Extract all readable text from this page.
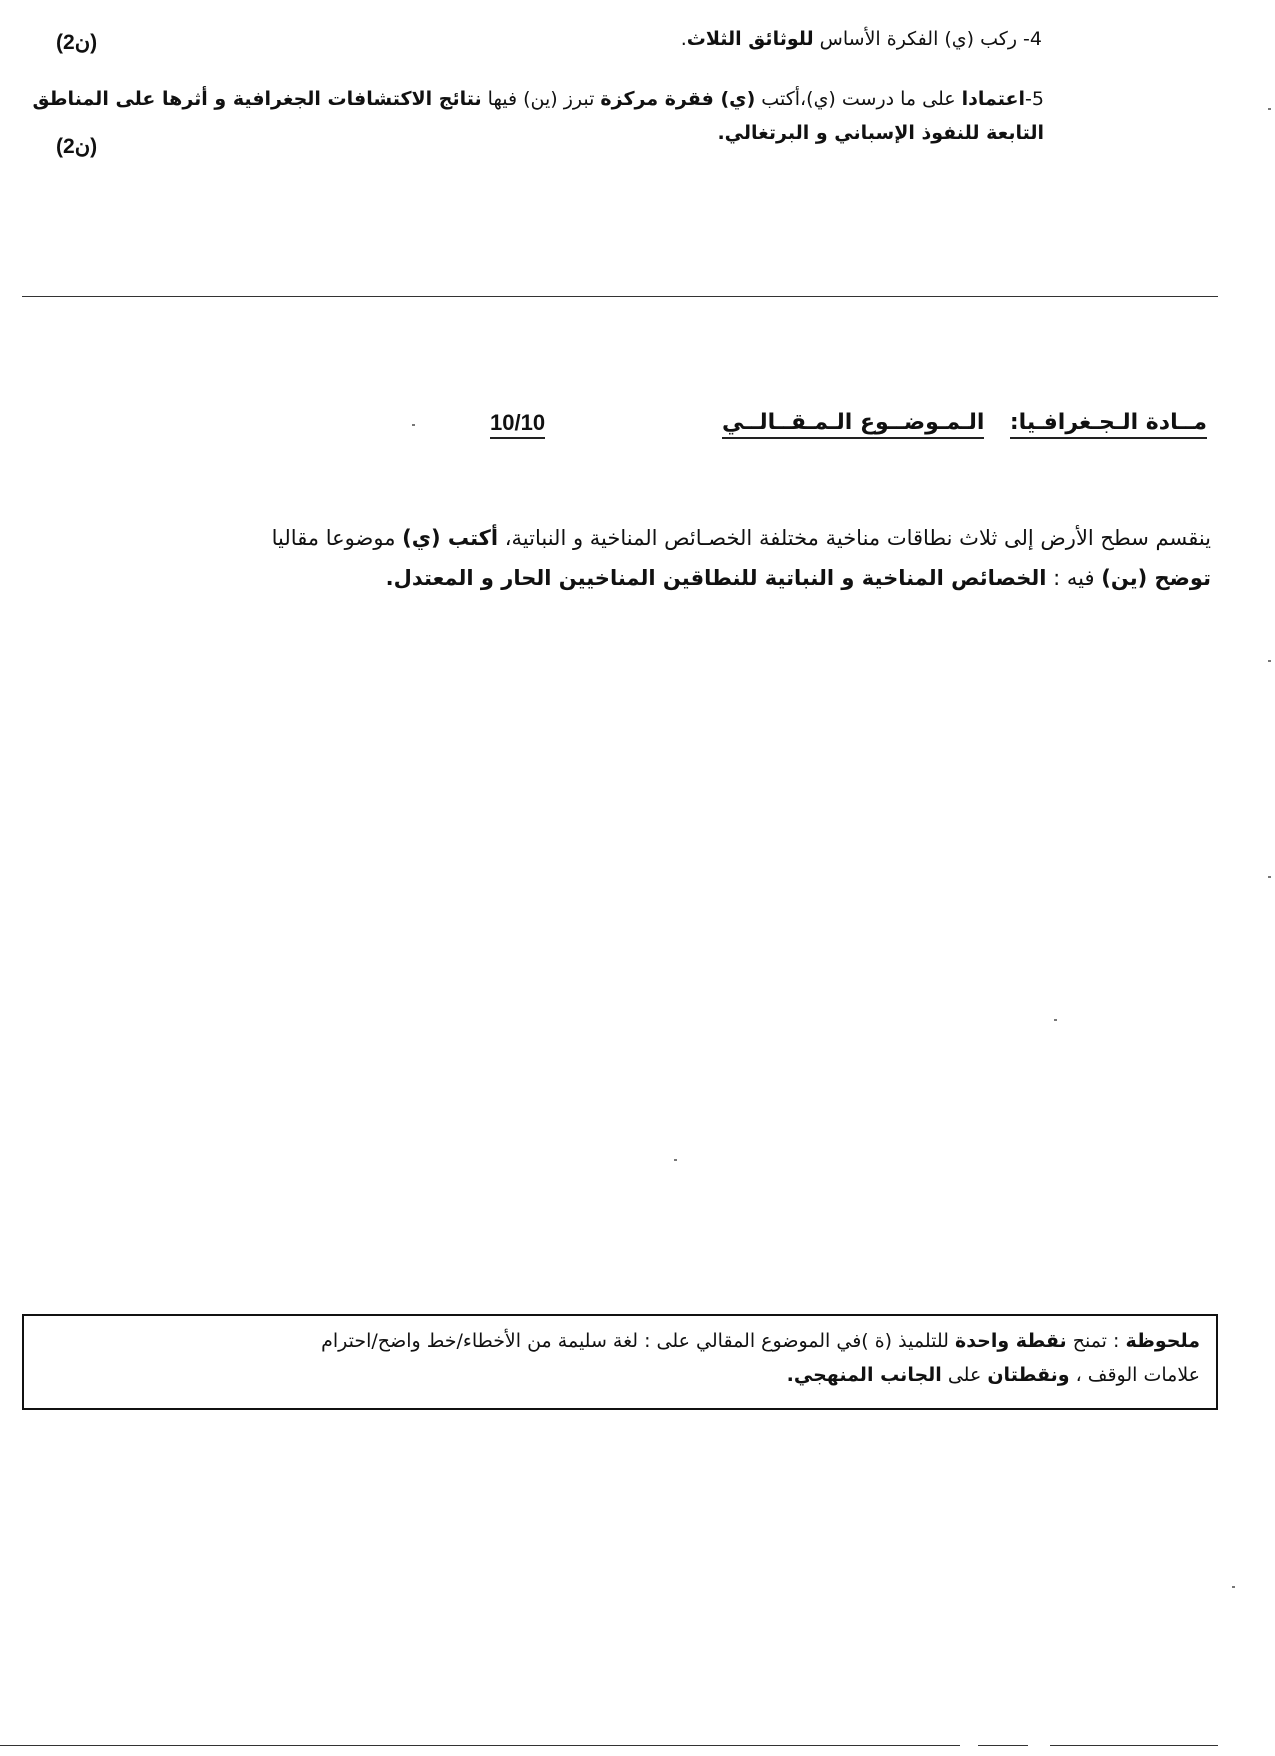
4- ركب (ي) الفكرة الأساس للوثائق الثلاث.
(2ن)
5-اعتمادا على ما درست (ي)،أكتب (ي) فقرة مركزة تبرز (ين) فيها نتائج الاكتشافات الجغرافية و أثرها على المناطق
التابعة للنفوذ الإسباني و البرتغالي.
(2ن)
مــادة الـجـغرافـيا:  الـمـوضــوع الـمـقــالــي
10/10
ينقسم سطح الأرض إلى ثلاث نطاقات مناخية مختلفة الخصـائص المناخية و النباتية، أكتب (ي) موضوعا مقاليا
توضح (ين) فيه : الخصائص المناخية و النباتية للنطاقين المناخيين الحار و المعتدل.
ملحوظة : تمنح نقطة واحدة للتلميذ (ة )في الموضوع المقالي على : لغة سليمة من الأخطاء/خط واضح/احترام
علامات الوقف ، ونقطتان على الجانب المنهجي.
